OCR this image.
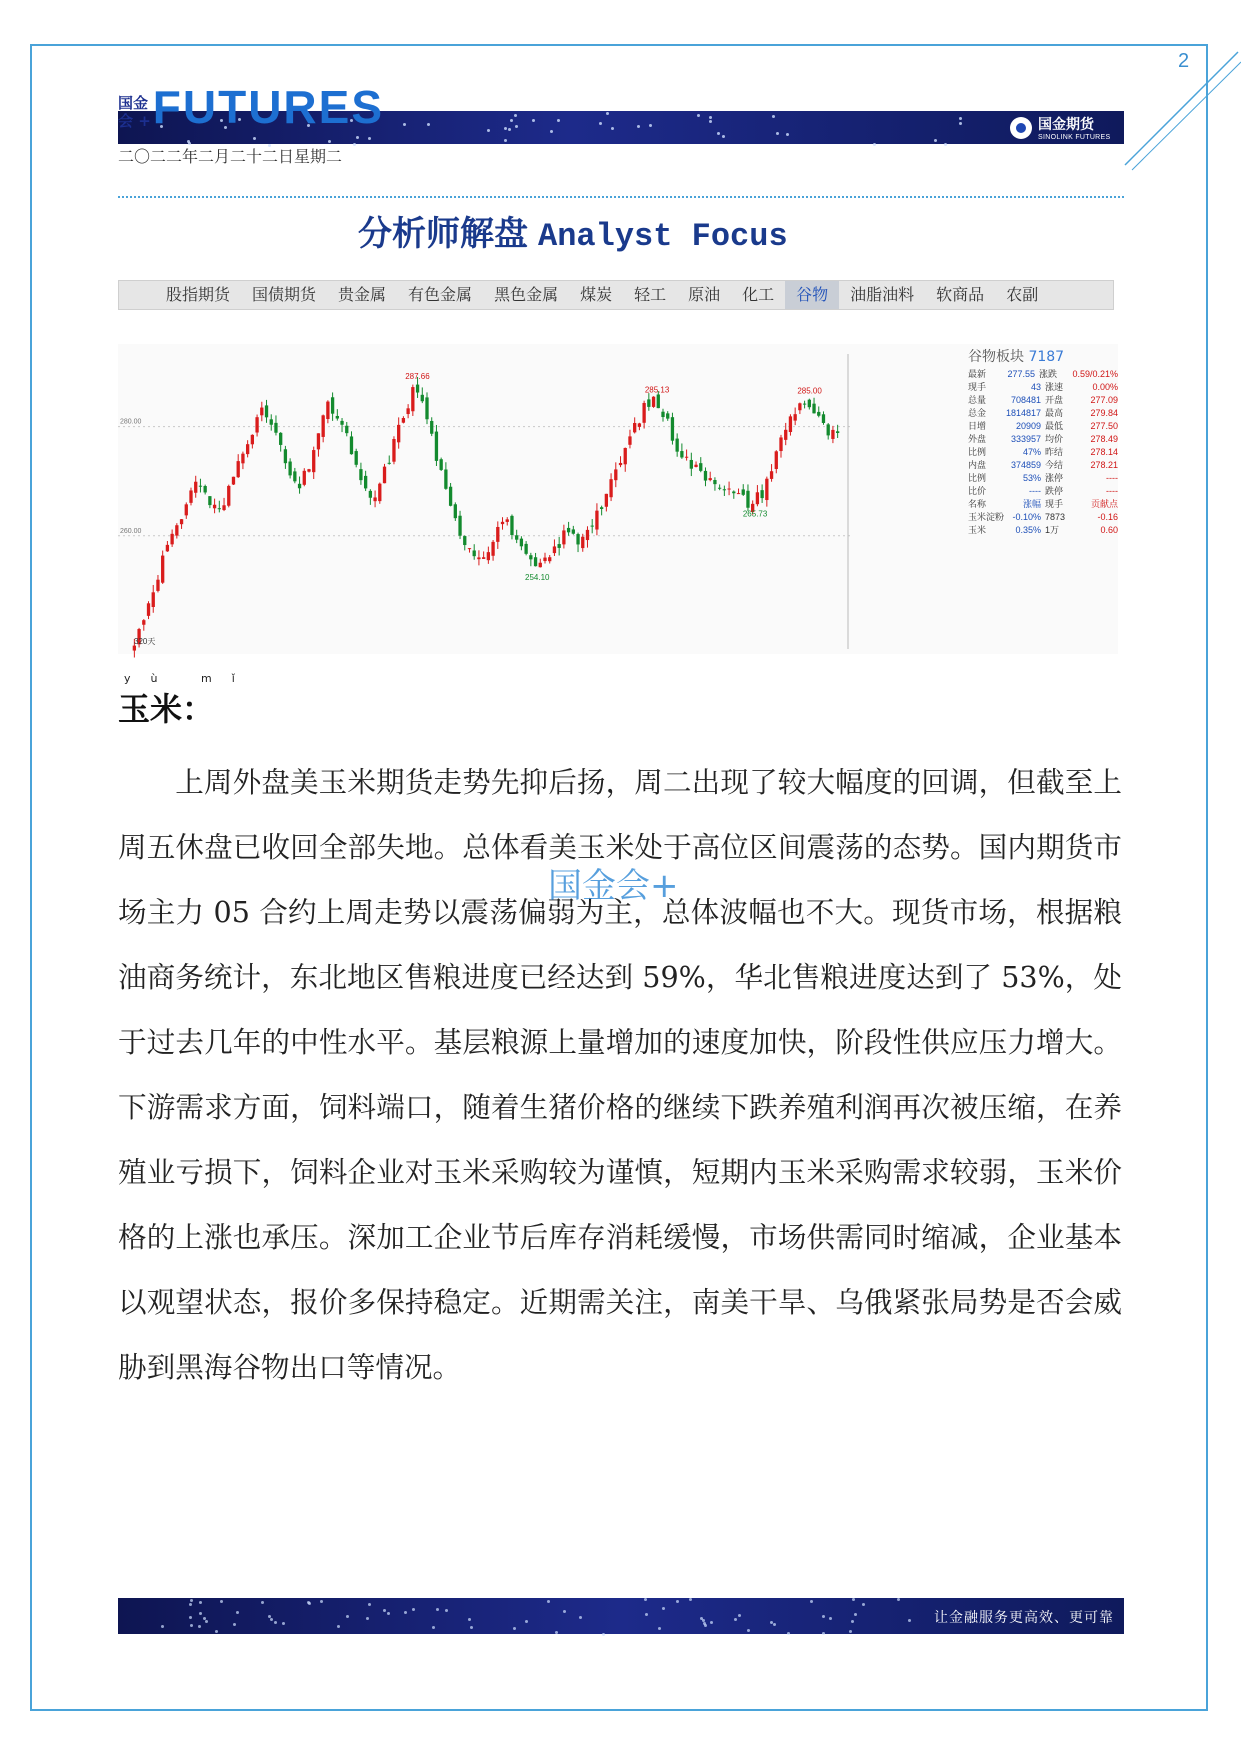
2
国金
会 + FUTURES	国金期货
SINOLINK FUTURES
二〇二二年二月二十二日星期二
分析师解盘 Analyst Focus
股指期货	国债期货	贵金属	有色金属	黑色金属	煤炭	轻工	原油	化工	谷物	油脂油料	软商品	农副
280.00
260.00
287.66
285.13	285.00
254.10
265.73
320天
谷物板块 7187
最新	277.55 涨跌	0.59/0.21%
现手	43 涨速	0.00%
总量	708481 开盘	277.09
总金	1814817 最高	279.84
日增	20909 最低	277.50
外盘	333957 均价	278.49
比例	47% 昨结	278.14
内盘	374859 今结	278.21
比例	53% 涨停	----
比价	---- 跌停	----
名称	涨幅 现手	贡献点
玉米淀粉 -0.10% 7873	-0.16
玉米	0.35% 1万	0.60
yù mǐ
玉米：

上周外盘美玉米期货走势先抑后扬，周二出现了较大幅度的回调，但截至上周五休盘已收回全部失地。总体看美玉米处于高位区间震荡的态势。国内期货市场主力 05 合约上周走势以震荡偏弱为主，总体波幅也不大。现货市场，根据粮油商务统计，东北地区售粮进度已经达到 59%，华北售粮进度达到了 53%，处于过去几年的中性水平。基层粮源上量增加的速度加快，阶段性供应压力增大。下游需求方面，饲料端口，随着生猪价格的继续下跌养殖利润再次被压缩，在养殖业亏损下，饲料企业对玉米采购较为谨慎，短期内玉米采购需求较弱，玉米价格的上涨也承压。深加工企业节后库存消耗缓慢，市场供需同时缩减，企业基本以观望状态，报价多保持稳定。近期需关注，南美干旱、乌俄紧张局势是否会威胁到黑海谷物出口等情况。

国金会+
让金融服务更高效、更可靠
